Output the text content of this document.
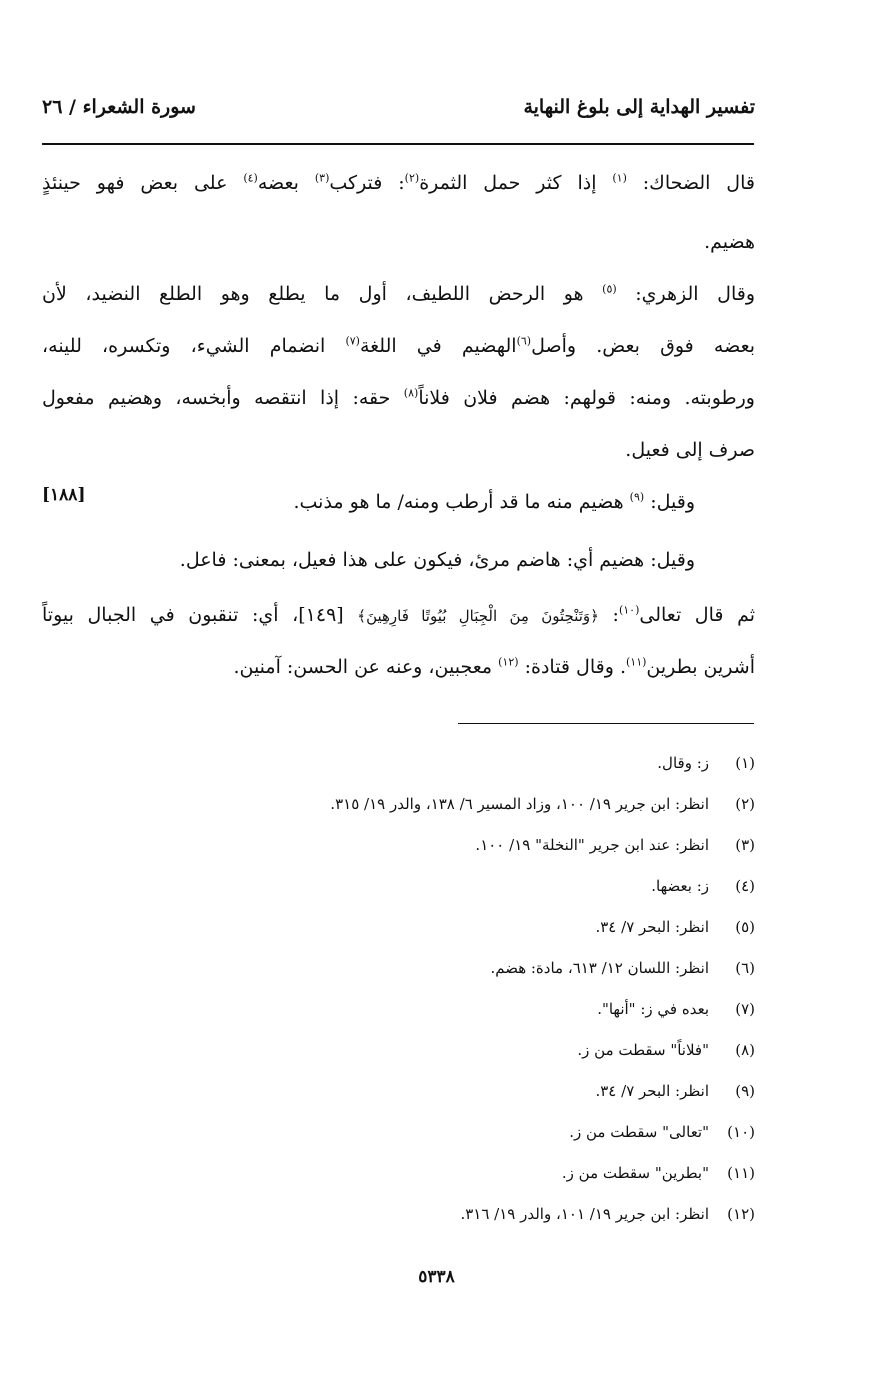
تفسير الهداية إلى بلوغ النهاية
سورة الشعراء / ٢٦
قال الضحاك: $^{(١)}$ إذا كثر حمل الثمرة$^{(٢)}$: فتركب$^{(٣)}$ بعضه$^{(٤)}$ على بعض فهو حينئذٍ
هضيم.
وقال الزهري: $^{(٥)}$ هو الرحض اللطيف، أول ما يطلع وهو الطلع النضيد، لأن
بعضه فوق بعض. وأصل$^{(٦)}$الهضيم في اللغة$^{(٧)}$ انضمام الشيء، وتكسره، للينه،
ورطوبته. ومنه: قولهم: هضم فلان فلاناً$^{(٨)}$ حقه: إذا انتقصه وأبخسه، وهضيم مفعول
صرف إلى فعيل.
وقيل: $^{(٩)}$ هضيم منه ما قد أرطب ومنه/ ما هو مذنب.
[١٨٨]
وقيل: هضيم أي: هاضم مرئ، فيكون على هذا فعيل، بمعنى: فاعل.
ثم قال تعالى$^{(١٠)}$: ﴿وَتَنْحِتُونَ مِنَ الْجِبَالِ بُيُوتًا فَارِهِينَ﴾ [١٤٩]، أي: تنقبون في الجبال بيوتاً
أشرين بطرين$^{(١١)}$. وقال قتادة: $^{(١٢)}$ معجبين، وعنه عن الحسن: آمنين.
(١)ز: وقال.
(٢)انظر: ابن جرير ١٩/ ١٠٠، وزاد المسير ٦/ ١٣٨، والدر ١٩/ ٣١٥.
(٣)انظر: عند ابن جرير "النخلة" ١٩/ ١٠٠.
(٤)ز: بعضها.
(٥)انظر: البحر ٧/ ٣٤.
(٦)انظر: اللسان ١٢/ ٦١٣، مادة: هضم.
(٧)بعده في ز: "أنها".
(٨)"فلاناً" سقطت من ز.
(٩)انظر: البحر ٧/ ٣٤.
(١٠)"تعالى" سقطت من ز.
(١١)"بطرين" سقطت من ز.
(١٢)انظر: ابن جرير ١٩/ ١٠١، والدر ١٩/ ٣١٦.
٥٣٣٨
